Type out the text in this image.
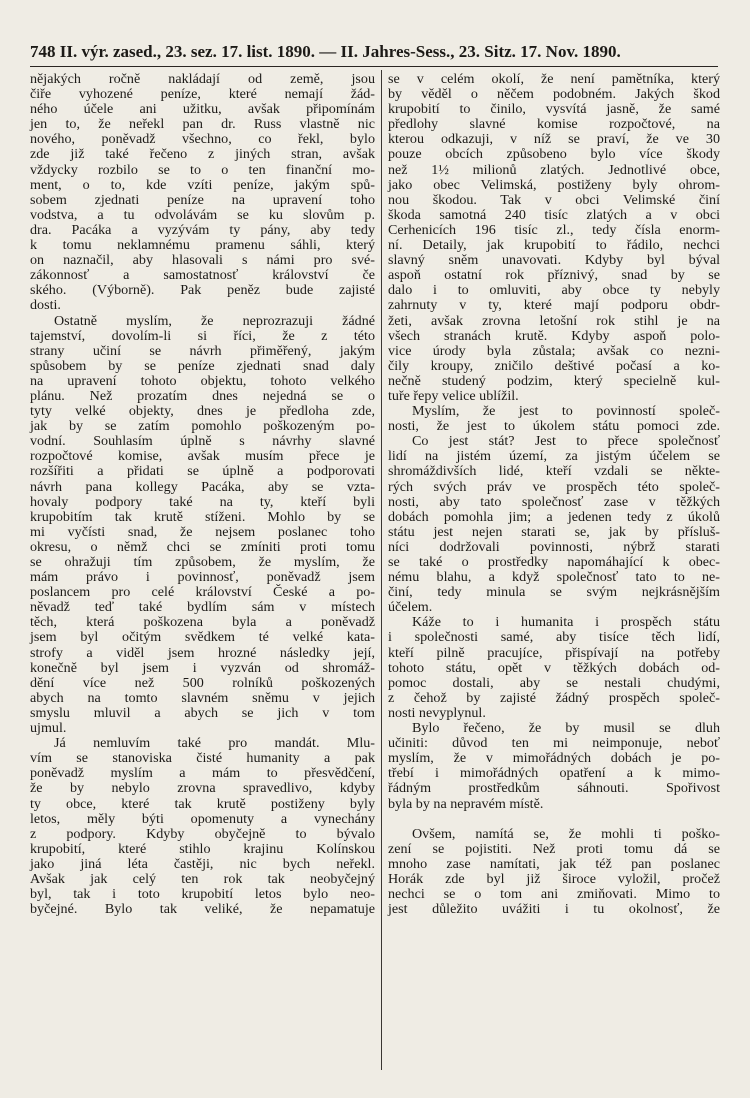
748 II. výr. zased., 23. sez. 17. list. 1890. — II. Jahres-Sess., 23. Sitz. 17. Nov. 1890.
nějakých ročně nakládají od země, jsou
čiře vyhozené peníze, které nemají žád-
ného účele ani užitku, avšak připomínám
jen to, že neřekl pan dr. Russ vlastně nic
nového, poněvadž všechno, co řekl, bylo
zde již také řečeno z jiných stran, avšak
vždycky rozbilo se to o ten finanční mo-
ment, o to, kde vzíti peníze, jakým spů-
sobem zjednati peníze na upravení toho
vodstva, a tu odvolávám se ku slovům p.
dra. Pacáka a vyzývám ty pány, aby tedy
k tomu neklamnému pramenu sáhli, který
on naznačil, aby hlasovali s námi pro své-
zákonnosť a samostatnosť království če
ského. (Výborně). Pak peněz bude zajisté
dosti.
Ostatně myslím, že neprozrazuji žádné
tajemství, dovolím-li si říci, že z této
strany učiní se návrh přiměřený, jakým
spůsobem by se peníze zjednati snad daly
na upravení tohoto objektu, tohoto velkého
plánu. Než prozatím dnes nejedná se o
tyty velké objekty, dnes je předloha zde,
jak by se zatím pomohlo poškozeným po-
vodní. Souhlasím úplně s návrhy slavné
rozpočtové komise, avšak musím přece je
rozšířiti a přidati se úplně a podporovati
návrh pana kollegy Pacáka, aby se vzta-
hovaly podpory také na ty, kteří byli
krupobitím tak krutě stíženi. Mohlo by se
mi vyčísti snad, že nejsem poslanec toho
okresu, o němž chci se zmíniti proti tomu
se ohražuji tím způsobem, že myslím, že
mám právo i povinnosť, poněvadž jsem
poslancem pro celé království České a po-
něvadž teď také bydlím sám v místech
těch, která poškozena byla a poněvadž
jsem byl očitým svědkem té velké kata-
strofy a viděl jsem hrozné následky její,
konečně byl jsem i vyzván od shromáž-
dění více než 500 rolníků poškozených
abych na tomto slavném sněmu v jejich
smyslu mluvil a abych se jich v tom
ujmul.
Já nemluvím také pro mandát. Mlu-
vím se stanoviska čisté humanity a pak
poněvadž myslím a mám to přesvědčení,
že by nebylo zrovna spravedlivo, kdyby
ty obce, které tak krutě postiženy byly
letos, měly býti opomenuty a vynechány
z podpory. Kdyby obyčejně to bývalo
krupobití, které stihlo krajinu Kolínskou
jako jiná léta častěji, nic bych neřekl.
Avšak jak celý ten rok tak neobyčejný
byl, tak i toto krupobití letos bylo neo-
byčejné. Bylo tak veliké, že nepamatuje
se v celém okolí, že není pamětníka, který
by věděl o něčem podobném. Jakých škod
krupobití to činilo, vysvítá jasně, že samé
předlohy slavné komise rozpočtové, na
kterou odkazuji, v níž se praví, že ve 30
pouze obcích způsobeno bylo více škody
než 1½ milionů zlatých. Jednotlivé obce,
jako obec Velimská, postiženy byly ohrom-
nou škodou. Tak v obci Velimské činí
škoda samotná 240 tisíc zlatých a v obci
Cerhenicích 196 tisíc zl., tedy čísla enorm-
ní. Detaily, jak krupobití to řádilo, nechci
slavný sněm unavovati. Kdyby byl býval
aspoň ostatní rok příznivý, snad by se
dalo i to omluviti, aby obce ty nebyly
zahrnuty v ty, které mají podporu obdr-
žeti, avšak zrovna letošní rok stihl je na
všech stranách krutě. Kdyby aspoň polo-
vice úrody byla zůstala; avšak co nezni-
čily kroupy, zničilo deštivé počasí a ko-
nečně studený podzim, který specielně kul-
tuře řepy velice ublížil.
Myslím, že jest to povinností společ-
nosti, že jest to úkolem státu pomoci zde.
Co jest stát? Jest to přece společnosť
lidí na jistém území, za jistým účelem se
shromáždivších lidé, kteří vzdali se někte-
rých svých práv ve prospěch této společ-
nosti, aby tato společnosť zase v těžkých
dobách pomohla jim; a jedenen tedy z úkolů
státu jest nejen starati se, jak by přísluš-
níci dodržovali povinnosti, nýbrž starati
se také o prostředky napomáhající k obec-
nému blahu, a když společnosť tato to ne-
činí, tedy minula se svým nejkrásnějším
účelem.
Káže to i humanita i prospěch státu
i společnosti samé, aby tisíce těch lidí,
kteří pilně pracujíce, přispívají na potřeby
tohoto státu, opět v těžkých dobách od-
pomoc dostali, aby se nestali chudými,
z čehož by zajisté žádný prospěch společ-
nosti nevyplynul.
Bylo řečeno, že by musil se dluh
učiniti: důvod ten mi neimponuje, neboť
myslím, že v mimořádných dobách je po-
třebí i mimořádných opatření a k mimo-
řádným prostředkům sáhnouti. Spořivost
byla by na nepravém místě.
Ovšem, namítá se, že mohli ti poško-
zení se pojistiti. Než proti tomu dá se
mnoho zase namítati, jak též pan poslanec
Horák zde byl již široce vyložil, pročež
nechci se o tom ani zmiňovati. Mimo to
jest důležito uvážiti i tu okolnosť, že
